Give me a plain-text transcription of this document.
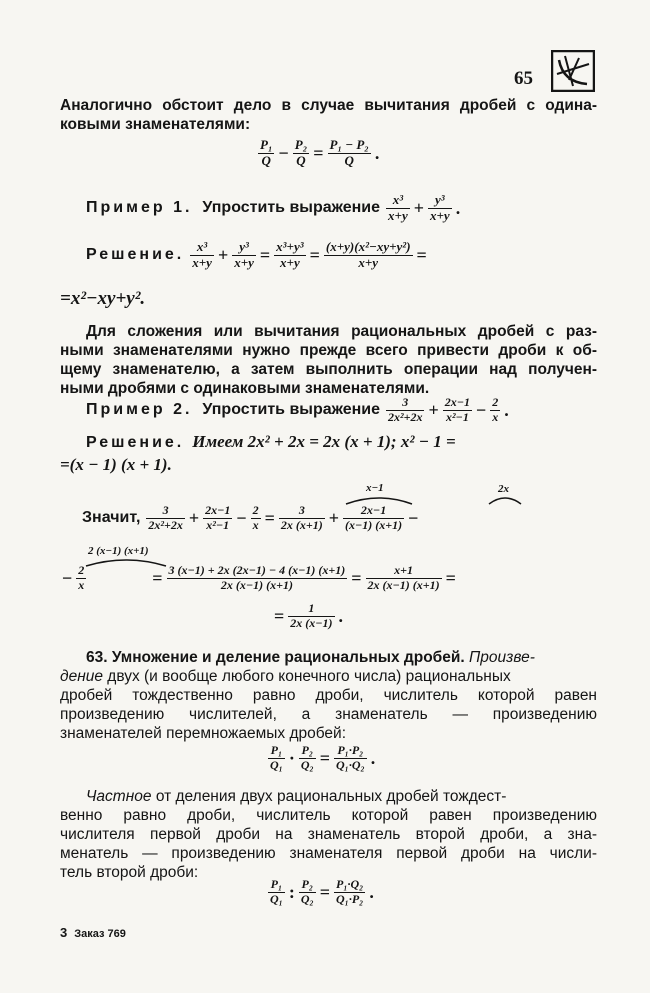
65
Аналогично обстоит дело в случае вычитания дробей с одина-
ковыми знаменателями:
$\frac{\text{P₁}}{Q} - \frac{\text{P₂}}{Q} = \frac{\text{P₁ − P₂}}{Q}$ .
Пример 1. Упростить выражение $\frac{\text{x³}}{x+y} + \frac{\text{y³}}{x+y}$ .
Решение. $\frac{\text{x³}}{x+y} + \frac{\text{y³}}{x+y} = \frac{\text{x³+y³}}{x+y} = \frac{\text{(x+y)(x²−xy+y²)}}{x+y}$ =
=x²−xy+y².
Для сложения или вычитания рациональных дробей с раз-
ными знаменателями нужно прежде всего привести дроби к об-
щему знаменателю, а затем выполнить операции над получен-
ными дробями с одинаковыми знаменателями.
Пример 2. Упростить выражение $\frac{3}{\text{2x²+2x}} + \frac{2x-1}{\text{x²−1}} - \frac{2}{x}$ .
Решение. Имеем 2x² + 2x = 2x (x + 1); x² − 1 =
=(x − 1) (x + 1).
x−1	2x
Значит, $\frac{3}{\text{2x²+2x}} + \frac{2x-1}{\text{x²−1}} - \frac{2}{x} = \frac{3}{2x (x+1)} + \frac{2x-1}{(x-1) (x+1)}$ −
2 (x−1) (x+1)
− $\frac{2}{x}$	= $\frac{3 (x-1) + 2x (2x-1) - 4 (x-1) (x+1)}{2x (x-1) (x+1)} = \frac{x+1}{2x (x-1) (x+1)}$ =
= $\frac{1}{2x (x-1)}$ .
63. Умножение и деление рациональных дробей. Произве-
дение двух (и вообще любого конечного числа) рациональных
дробей тождественно равно дроби, числитель которой равен
произведению числителей, а знаменатель — произведению
знаменателей перемножаемых дробей:
$\frac{\text{P₁}}{\text{Q₁}} \cdot \frac{\text{P₂}}{\text{Q₂}} = \frac{\text{P₁·P₂}}{\text{Q₁·Q₂}}$ .
Частное от деления двух рациональных дробей тождест-
венно равно дроби, числитель которой равен произведению
числителя первой дроби на знаменатель второй дроби, а зна-
менатель — произведению знаменателя первой дроби на числи-
тель второй дроби:
$\frac{\text{P₁}}{\text{Q₁}}$ : $\frac{\text{P₂}}{\text{Q₂}} = \frac{\text{P₁·Q₂}}{\text{Q₁·P₂}}$ .
3 Заказ 769
